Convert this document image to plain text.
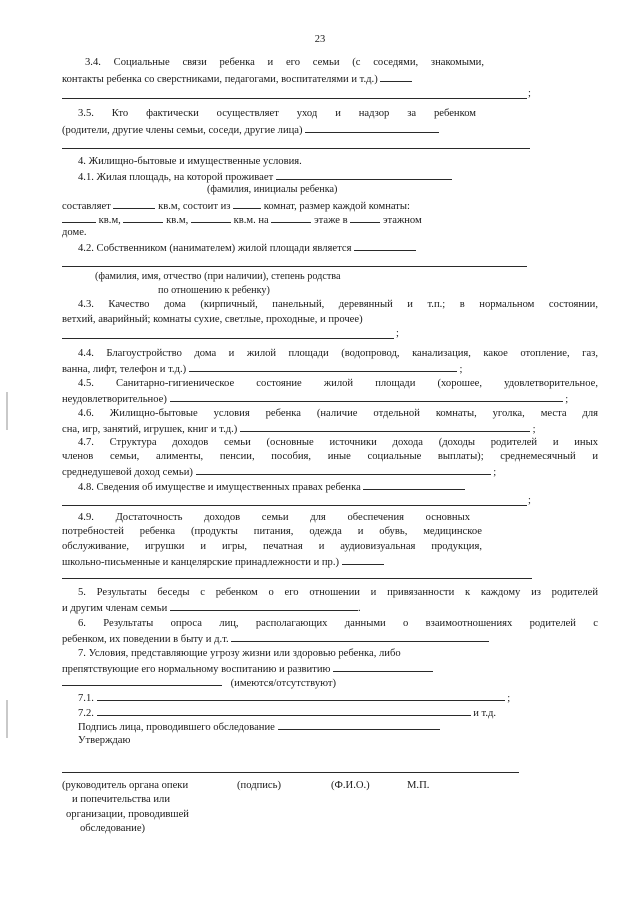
23
3.4. Социальные связи ребенка и его семьи (с соседями, знакомыми,
контакты ребенка со сверстниками, педагогами, воспитателями и т.д.)
;
3.5. Кто фактически осуществляет уход и надзор за ребенком
(родители, другие члены семьи, соседи, другие лица)
4. Жилищно-бытовые и имущественные условия.
4.1. Жилая площадь, на которой проживает
(фамилия, инициалы ребенка)
составляет	кв.м, состоит из	комнат, размер каждой комнаты:
кв.м,	кв.м,	кв.м. на	этаже в	этажном
доме.
4.2. Собственником (нанимателем) жилой площади является
(фамилия, имя, отчество (при наличии), степень родства
по отношению к ребенку)
4.3. Качество дома (кирпичный, панельный, деревянный и т.п.; в нормальном состоянии,
ветхий, аварийный; комнаты сухие, светлые, проходные, и прочее)
;
4.4. Благоустройство дома и жилой площади (водопровод, канализация, какое отопление, газ,
ванна, лифт, телефон и т.д.)	;
4.5. Санитарно-гигиеническое состояние жилой площади (хорошее, удовлетворительное,
неудовлетворительное)	;
4.6. Жилищно-бытовые условия ребенка (наличие отдельной комнаты, уголка, места для
сна, игр, занятий, игрушек, книг и т.д.)	;
4.7. Структура доходов семьи (основные источники дохода (доходы родителей и иных
членов семьи, алименты, пенсии, пособия, иные социальные выплаты); среднемесячный и
среднедушевой доход семьи)	;
4.8. Сведения об имуществе и имущественных правах ребенка
;
4.9. Достаточность доходов семьи для обеспечения основных
потребностей ребенка (продукты питания, одежда и обувь, медицинское
обслуживание, игрушки и игры, печатная и аудиовизуальная продукция,
школьно-письменные и канцелярские принадлежности и пр.)
5. Результаты беседы с ребенком о его отношении и привязанности к каждому из родителей
и другим членам семьи	.
6. Результаты опроса лиц, располагающих данными о взаимоотношениях родителей с
ребенком, их поведении в быту и д.т.
7. Условия, представляющие угрозу жизни или здоровью ребенка, либо
препятствующие его нормальному воспитанию и развитию
(имеются/отсутствуют)
7.1.	;
7.2.	и т.д.
Подпись лица, проводившего обследование
Утверждаю
(руководитель органа опеки	(подпись)	(Ф.И.О.)	М.П.
и попечительства или
организации, проводившей
обследование)
